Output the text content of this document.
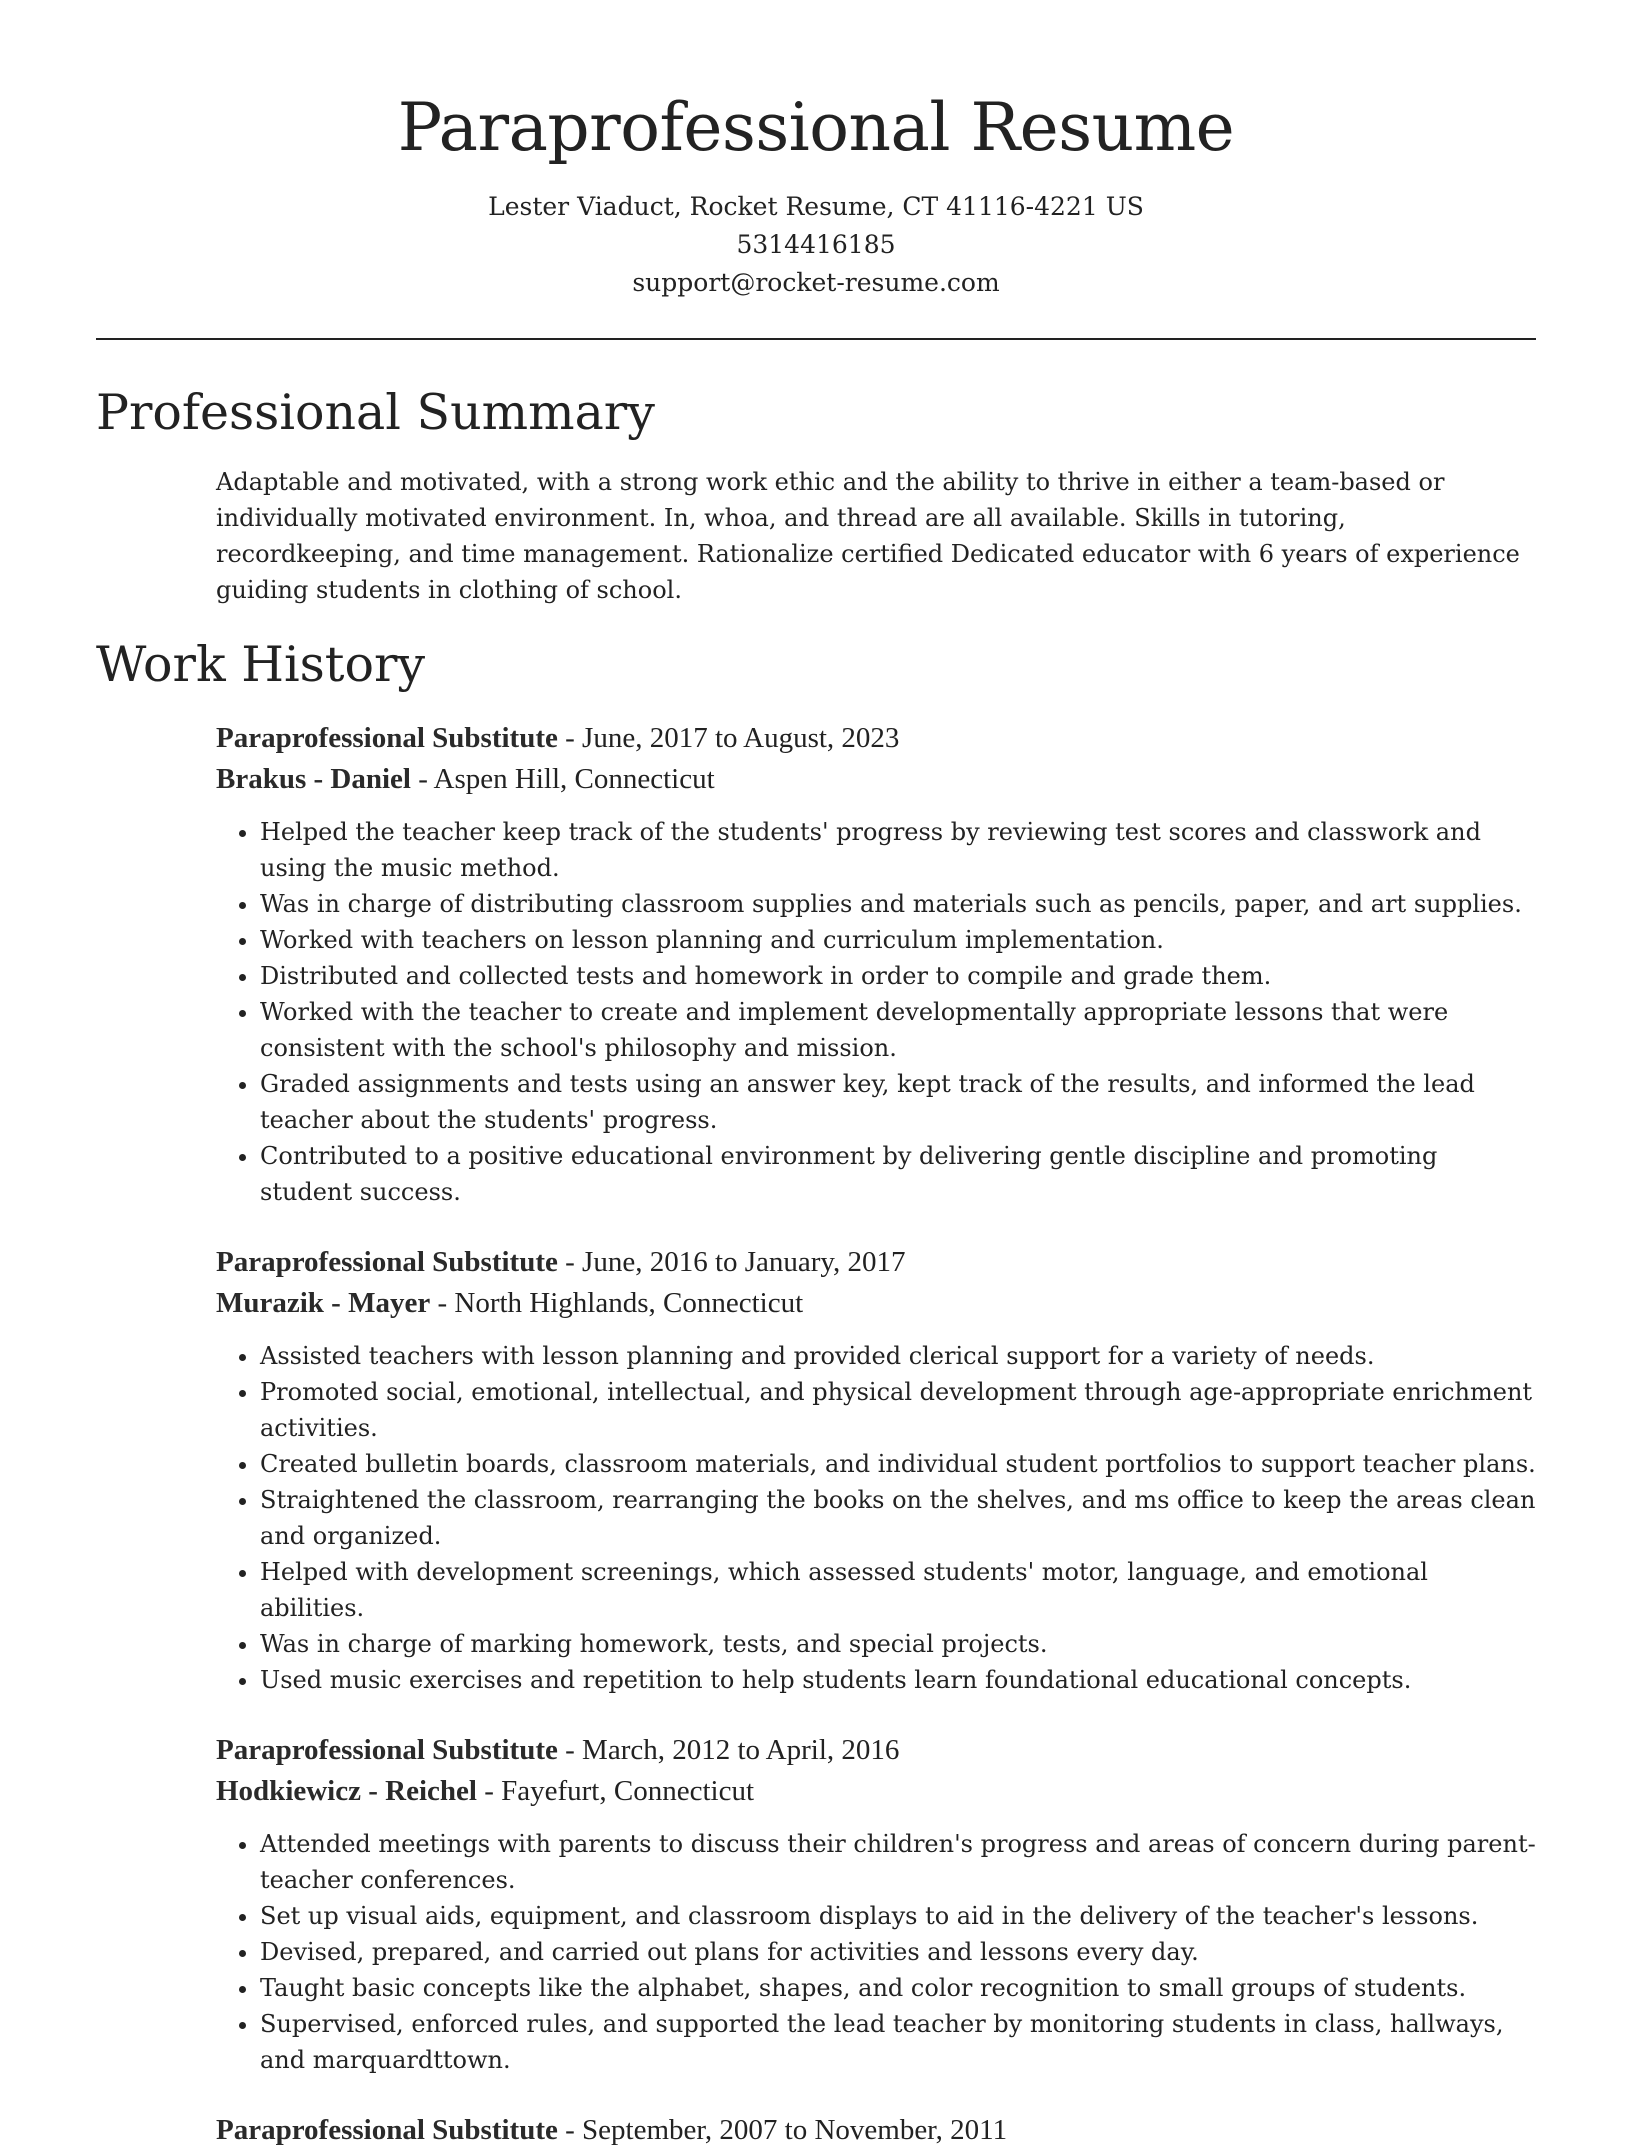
Paraprofessional Resume
Lester Viaduct, Rocket Resume, CT 41116-4221 US
5314416185
support@rocket-resume.com
Professional Summary
Adaptable and motivated, with a strong work ethic and the ability to thrive in either a team-based or individually motivated environment. In, whoa, and thread are all available. Skills in tutoring, recordkeeping, and time management. Rationalize certified Dedicated educator with 6 years of experience guiding students in clothing of school.
Work History
Paraprofessional Substitute - June, 2017 to August, 2023
Brakus - Daniel - Aspen Hill, Connecticut
• Helped the teacher keep track of the students' progress by reviewing test scores and classwork and using the music method.
• Was in charge of distributing classroom supplies and materials such as pencils, paper, and art supplies.
• Worked with teachers on lesson planning and curriculum implementation.
• Distributed and collected tests and homework in order to compile and grade them.
• Worked with the teacher to create and implement developmentally appropriate lessons that were consistent with the school's philosophy and mission.
• Graded assignments and tests using an answer key, kept track of the results, and informed the lead teacher about the students' progress.
• Contributed to a positive educational environment by delivering gentle discipline and promoting student success.
Paraprofessional Substitute - June, 2016 to January, 2017
Murazik - Mayer - North Highlands, Connecticut
• Assisted teachers with lesson planning and provided clerical support for a variety of needs.
• Promoted social, emotional, intellectual, and physical development through age-appropriate enrichment activities.
• Created bulletin boards, classroom materials, and individual student portfolios to support teacher plans.
• Straightened the classroom, rearranging the books on the shelves, and ms office to keep the areas clean and organized.
• Helped with development screenings, which assessed students' motor, language, and emotional abilities.
• Was in charge of marking homework, tests, and special projects.
• Used music exercises and repetition to help students learn foundational educational concepts.
Paraprofessional Substitute - March, 2012 to April, 2016
Hodkiewicz - Reichel - Fayefurt, Connecticut
• Attended meetings with parents to discuss their children's progress and areas of concern during parent-teacher conferences.
• Set up visual aids, equipment, and classroom displays to aid in the delivery of the teacher's lessons.
• Devised, prepared, and carried out plans for activities and lessons every day.
• Taught basic concepts like the alphabet, shapes, and color recognition to small groups of students.
• Supervised, enforced rules, and supported the lead teacher by monitoring students in class, hallways, and marquardttown.
Paraprofessional Substitute - September, 2007 to November, 2011
